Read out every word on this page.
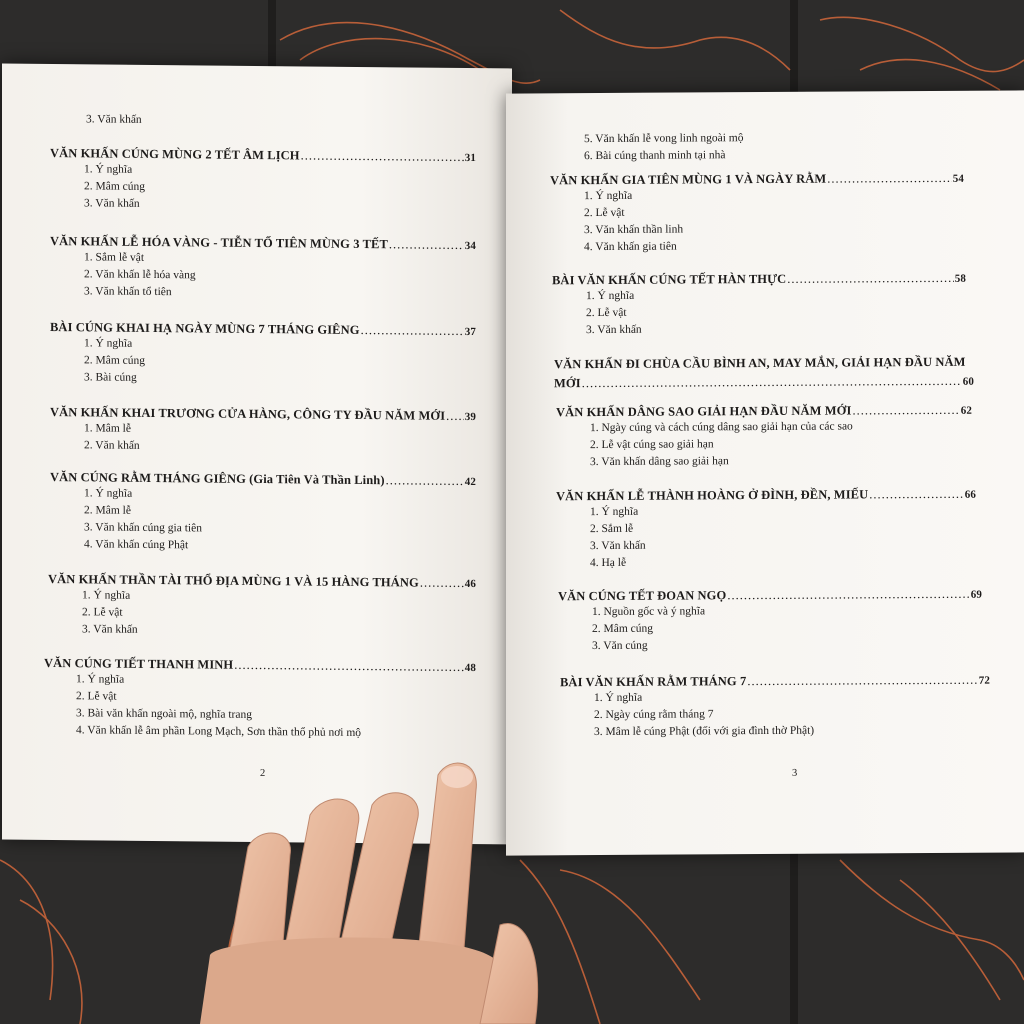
3. Văn khấn
VĂN KHẤN CÚNG MÙNG 2 TẾT ÂM LỊCH .....	31
1. Ý nghĩa
2. Mâm cúng
3. Văn khấn
VĂN KHẤN LỄ HÓA VÀNG - TIỄN TỔ TIÊN MÙNG 3 TẾT .....	34
1. Sắm lễ vật
2. Văn khấn lễ hóa vàng
3. Văn khấn tổ tiên
BÀI CÚNG KHAI HẠ NGÀY MÙNG 7 THÁNG GIÊNG .....	37
1. Ý nghĩa
2. Mâm cúng
3. Bài cúng
VĂN KHẤN KHAI TRƯƠNG CỬA HÀNG, CÔNG TY ĐẦU NĂM MỚI ..... 39
1. Mâm lễ
2. Văn khấn
VĂN CÚNG RẰM THÁNG GIÊNG (Gia Tiên Và Thần Linh) .....	42
1. Ý nghĩa
2. Mâm lễ
3. Văn khấn cúng gia tiên
4. Văn khấn cúng Phật
VĂN KHẤN THẦN TÀI THỔ ĐỊA MÙNG 1 VÀ 15 HÀNG THÁNG .....	46
1. Ý nghĩa
2. Lễ vật
3. Văn khấn
VĂN CÚNG TIẾT THANH MINH .....	48
1. Ý nghĩa
2. Lễ vật
3. Bài văn khấn ngoài mộ, nghĩa trang
4. Văn khấn lễ âm phần Long Mạch, Sơn thần thổ phủ nơi mộ
2
5. Văn khấn lễ vong linh ngoài mộ
6. Bài cúng thanh minh tại nhà
VĂN KHẤN GIA TIÊN MÙNG 1 VÀ NGÀY RẰM .....	54
1. Ý nghĩa
2. Lễ vật
3. Văn khấn thần linh
4. Văn khấn gia tiên
BÀI VĂN KHẤN CÚNG TẾT HÀN THỰC .....	58
1. Ý nghĩa
2. Lễ vật
3. Văn khấn
VĂN KHẤN ĐI CHÙA CẦU BÌNH AN, MAY MẮN, GIẢI HẠN ĐẦU NĂM
MỚI .....	60
VĂN KHẤN DÂNG SAO GIẢI HẠN ĐẦU NĂM MỚI .....	62
1. Ngày cúng và cách cúng dâng sao giải hạn của các sao
2. Lễ vật cúng sao giải hạn
3. Văn khấn dâng sao giải hạn
VĂN KHẤN LỄ THÀNH HOÀNG Ở ĐÌNH, ĐỀN, MIẾU .....	66
1. Ý nghĩa
2. Sắm lễ
3. Văn khấn
4. Hạ lễ
VĂN CÚNG TẾT ĐOAN NGỌ .....	69
1. Nguồn gốc và ý nghĩa
2. Mâm cúng
3. Văn cúng
BÀI VĂN KHẤN RẰM THÁNG 7 .....	72
1. Ý nghĩa
2. Ngày cúng rằm tháng 7
3. Mâm lễ cúng Phật (đối với gia đình thờ Phật)
3
